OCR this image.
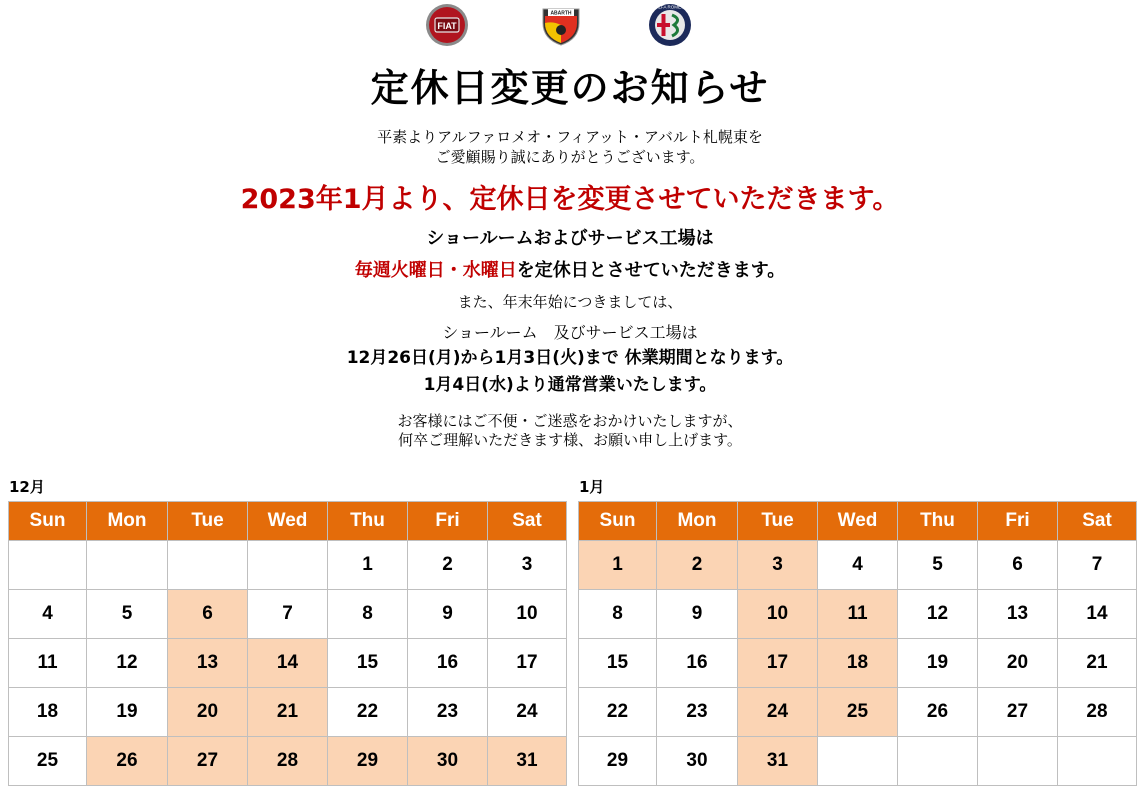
FIAT
ABARTH
ALFA ROMEO
定休日変更のお知らせ
平素よりアルファロメオ・フィアット・アバルト札幌東を
ご愛顧賜り誠にありがとうございます。
2023年1月より、定休日を変更させていただきます。
ショールームおよびサービス工場は
毎週火曜日・水曜日を定休日とさせていただきます。
また、年末年始につきましては、
ショールーム　及びサービス工場は
12月26日(月)から1月3日(火)まで 休業期間となります。
1月4日(水)より通常営業いたします。
お客様にはご不便・ご迷惑をおかけいたしますが、
何卒ご理解いただきます様、お願い申し上げます。
12月
Sun	Mon	Tue	Wed	Thu	Fri	Sat
				1	2	3
4	5	6	7	8	9	10
11	12	13	14	15	16	17
18	19	20	21	22	23	24
25	26	27	28	29	30	31
1月
Sun	Mon	Tue	Wed	Thu	Fri	Sat
1	2	3	4	5	6	7
8	9	10	11	12	13	14
15	16	17	18	19	20	21
22	23	24	25	26	27	28
29	30	31				
